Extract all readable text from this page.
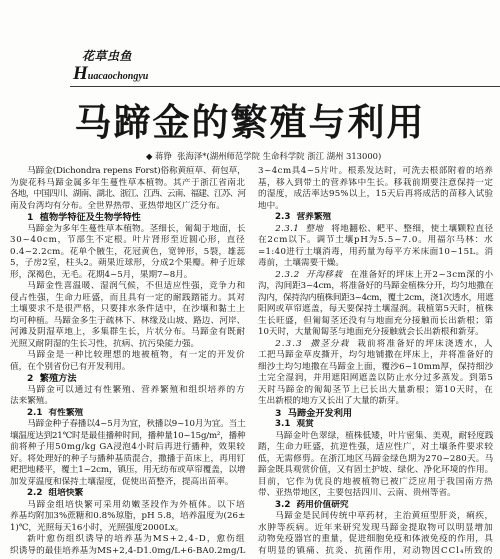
花草虫鱼
Huacaochongyu
马蹄金的繁殖与利用
◆ 蒋铮  张海泽*(湖州师范学院 生命科学院 浙江 湖州 313000)
马蹄金(Dichondra repens Forst)俗称黄疸草、荷包草，
为旋花科马蹄金属多年生蔓性草本植物。其产于浙江省南北
各地，中国四川、湖南、湖北、浙江、江西、云南、福建、江苏、河
南及台湾均有分布。全世界热带、亚热带地区广泛分布。
1  植物学特征及生物学特性
马蹄金为多年生蔓性草本植物。茎细长，匍匐于地面，长
30~40cm，节部生不定根。叶片肾形至近圆心形，直径
0.4~2.2cm。花单个腋生，花冠黄色，宽钟形，5裂，雄蕊
5，子房2室，柱头2。蒴果近球形，分成2个果瓣。种子近球
形，深褐色，无毛。花期4~5月，果期7~8月。
马蹄金性喜温暖、湿润气候，不但适应性强，竞争力和
侵占性强，生命力旺盛，而且具有一定的耐践踏能力。其对
土壤要求不是很严格，只要排水条件适中，在沙壤和黏土上
均可种植。马蹄金多生于疏林下、林缘及山坡、路边、河岸、
河滩及阴湿草地上，多集群生长，片状分布。马蹄金有既耐
光照又耐阴湿的生长习性，抗病、抗污染能力强。
马蹄金是一种比较理想的地被植物，有一定的开发价
值，在个别省份已有开发利用。
2  繁殖方法
马蹄金可以通过有性繁殖、营养繁殖和组织培养的方
法来繁殖。
2.1  有性繁殖
马蹄金种子春播以4~5月为宜，秋播以9~10月为宜。当土
壤温度达到21℃时是最佳播种时间，播种量10~15g/m²，播种
前将种子用50mg/kg GA浸泡4小时后再进行播种，效果较
好。将处理好的种子与播种基质混合，撒播于苗床上，再用钉
耙把地耧平，覆土1~2cm，镇压，用无纺布或草帘覆盖，以增
加发芽温度和保持土壤湿度，促使出苗整齐，提高出苗率。
2.2  组培快繁
马蹄金组培快繁可采用幼嫩茎段作为外植体。以下培
养基均附加3%蔗糖和0.8%琼脂，pH 5.8，培养温度为(26±
1)℃，光照每天16小时，光照强度2000Lx。
新叶愈伤组织诱导的培养基为MS+2,4-D，愈伤组
织诱导的最佳培养基为MS+2,4-D1.0mg/L+6-BA0.2mg/L
3~4cm具4~5片叶。根系发达时，可洗去根部附着的培养
基，移入到带土的营养钵中生长。移栽前期要注意保持一定
的湿度，成活率达95%以上，15天后再将成活的苗移入试验
地中。
2.3  营养繁殖
2.3.1  整地 将地翻松、耙平、整细，使土壤颗粒直径
在2cm以下。调节土壤pH为5.5~7.0。用福尔马林：水
=1:40进行土壤消毒，用药量为每平方米床面10~15L。消
毒前，土壤需要干燥。
2.3.2  开沟移栽 在准备好的坪床上开2~3cm深的小
沟，沟间距3~4cm，将准备好的马蹄金植株分开，均匀地撒在
沟内，保持沟内植株间距3~4cm，覆土2cm，浇1次透水，用遮
阳网或草帘遮盖，每天要保持土壤湿润。栽植第5天时，植株
生长旺盛，但匍匐茎还没有与地面充分接触而长出新根；第
10天时，大量匍匐茎与地面充分接触就会长出新根和新芽。
2.3.3  撒茎分栽 栽前将准备好的坪床浇透水，人
工把马蹄金草皮撕开，均匀地铺撒在坪床上，并将准备好的
细沙土均匀地撒在马蹄金上面，覆沙6~10mm厚，保持细沙
土完全湿润，并用遮阳网遮盖以防止水分过多蒸发。到第5
天时马蹄金的匍匐茎节上已长出大量新根；第10天时，在
生出新根的地方又长出了大量的新芽。
3  马蹄金开发利用
3.1  观赏
马蹄金叶色翠绿，植株低矮，叶片密集、美观，耐轻度践
踏，生命力旺盛，抗逆性强，适应性广，对土壤条件要求较
低，无需修剪。在浙江地区马蹄金绿色期为270~280天。马
蹄金既具观赏价值，又有固土护坡、绿化、净化环境的作用。
目前，它作为优良的地被植物已被广泛应用于我国南方热
带、亚热带地区，主要包括四川、云南、贵州等省。
3.2  药用价值研究
马蹄金是民间传统中草药材，主治黄疸型肝炎，痢疾，
水肿等疾病。近年来研究发现马蹄金提取物可以明显增加
动物免疫器官的重量，促进细胞免疫和体液免疫的作用，具
有明显的镇痛、抗炎、抗菌作用，对动物因CCl₄所致的
